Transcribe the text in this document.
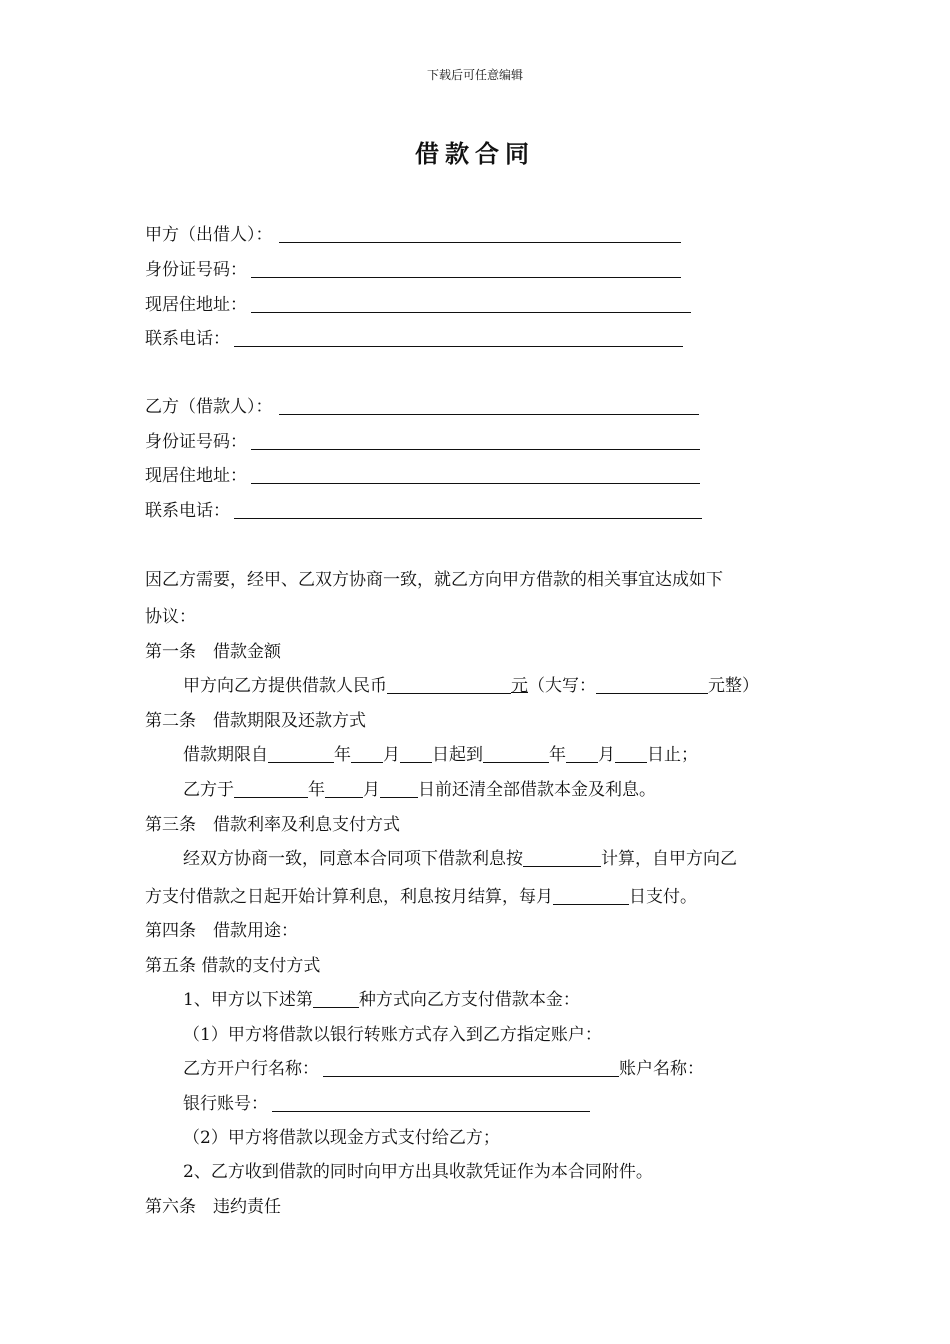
下载后可任意编辑
借款合同
甲方（出借人）：
身份证号码：
现居住地址：
联系电话：
乙方（借款人）：
身份证号码：
现居住地址：
联系电话：
因乙方需要，经甲、乙双方协商一致，就乙方向甲方借款的相关事宜达成如下
协议：
第一条　借款金额
甲方向乙方提供借款人民币	元（大写：	元整）
第二条　借款期限及还款方式
借款期限自	年 月 日起到	年 月 日止；
乙方于	年 月 日前还清全部借款本金及利息。
第三条　借款利率及利息支付方式
经双方协商一致，同意本合同项下借款利息按	计算，自甲方向乙
方支付借款之日起开始计算利息，利息按月结算，每月	日支付。
第四条　借款用途：
第五条 借款的支付方式
1、甲方以下述第	种方式向乙方支付借款本金：
（1）甲方将借款以银行转账方式存入到乙方指定账户：
乙方开户行名称：	账户名称：
银行账号：
（2）甲方将借款以现金方式支付给乙方；
2、乙方收到借款的同时向甲方出具收款凭证作为本合同附件。
第六条　违约责任
